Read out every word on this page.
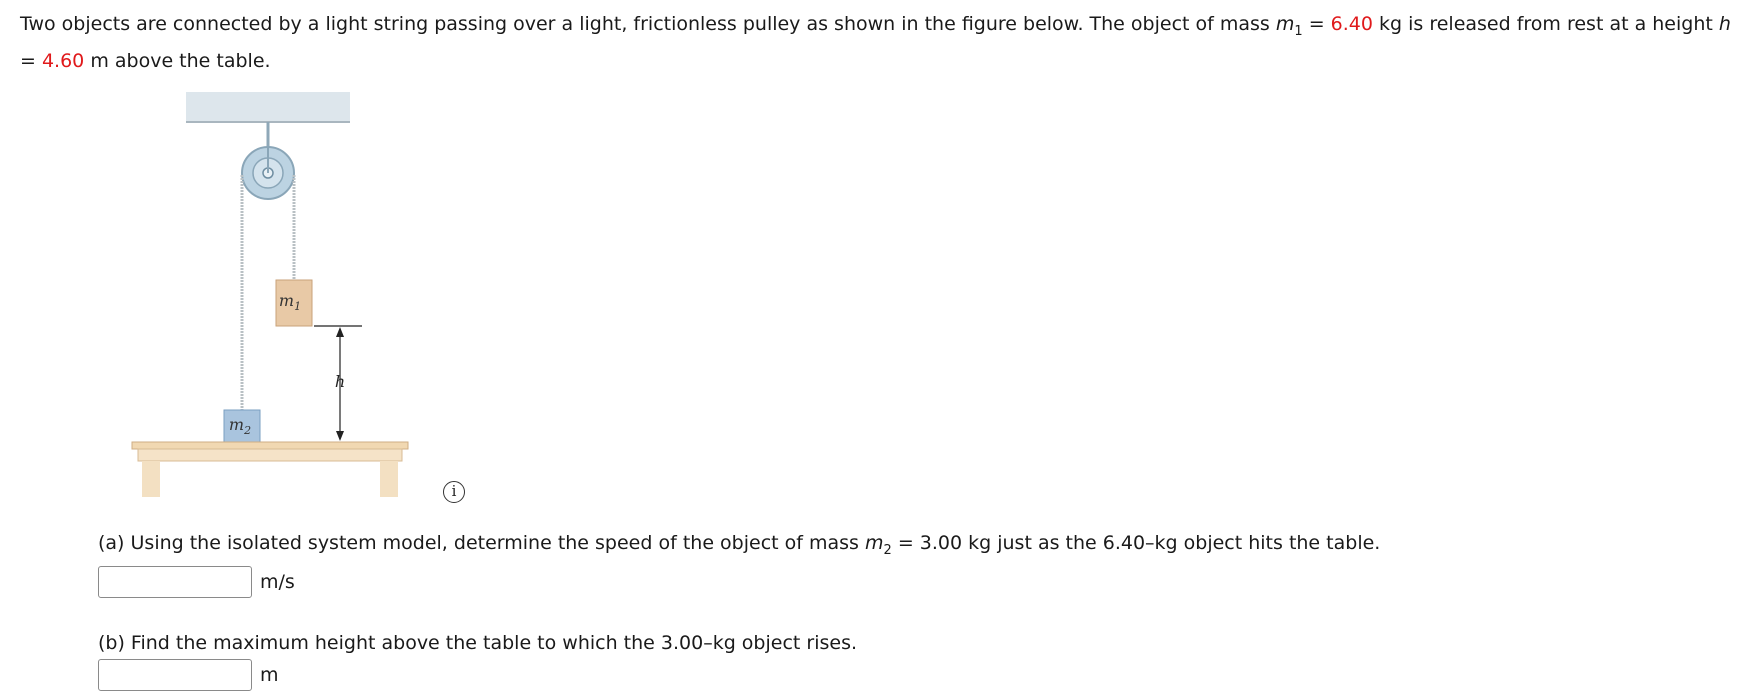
Two objects are connected by a light string passing over a light, frictionless pulley as shown in the figure below. The object of mass $m_1 = 6.40$ kg is released from rest at a height h = 4.60 m above the table.

$m_1$
$m_2$
h
i

(a) Using the isolated system model, determine the speed of the object of mass $m_2 = 3.00$ kg just as the 6.40–kg object hits the table.

m/s

(b) Find the maximum height above the table to which the 3.00–kg object rises.

m
